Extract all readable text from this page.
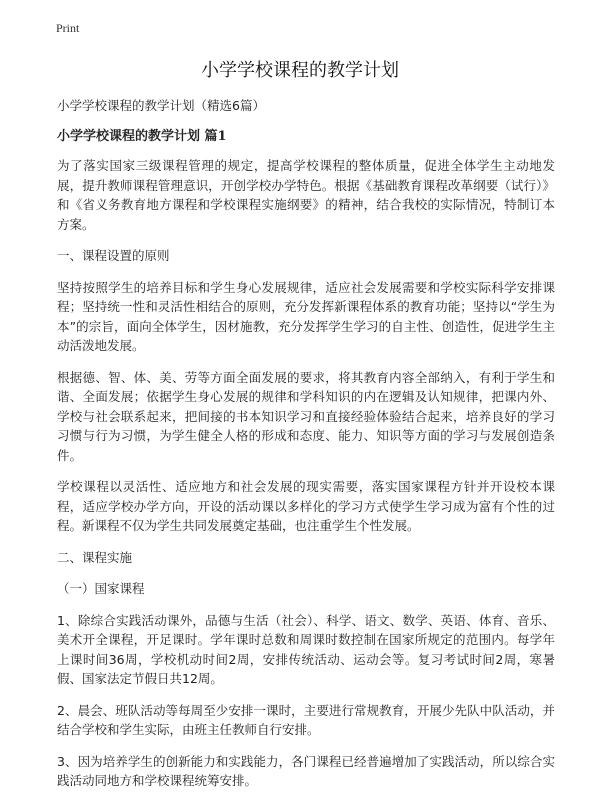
Print
小学学校课程的教学计划

小学学校课程的教学计划（精选6篇）

小学学校课程的教学计划 篇1

为了落实国家三级课程管理的规定，提高学校课程的整体质量，促进全体学生主动地发展，提升教师课程管理意识，开创学校办学特色。根据《基础教育课程改革纲要（试行）》和《省义务教育地方课程和学校课程实施纲要》的精神，结合我校的实际情况，特制订本方案。

一、课程设置的原则

坚持按照学生的培养目标和学生身心发展规律，适应社会发展需要和学校实际科学安排课程；坚持统一性和灵活性相结合的原则，充分发挥新课程体系的教育功能；坚持以“学生为本”的宗旨，面向全体学生，因材施教，充分发挥学生学习的自主性、创造性，促进学生主动活泼地发展。

根据德、智、体、美、劳等方面全面发展的要求，将其教育内容全部纳入，有利于学生和谐、全面发展；依据学生身心发展的规律和学科知识的内在逻辑及认知规律，把课内外、学校与社会联系起来，把间接的书本知识学习和直接经验体验结合起来，培养良好的学习习惯与行为习惯，为学生健全人格的形成和态度、能力、知识等方面的学习与发展创造条件。

学校课程以灵活性、适应地方和社会发展的现实需要，落实国家课程方针并开设校本课程，适应学校办学方向，开设的活动课以多样化的学习方式使学生学习成为富有个性的过程。新课程不仅为学生共同发展奠定基础，也注重学生个性发展。

二、课程实施

（一）国家课程

1、除综合实践活动课外，品德与生活（社会）、科学、语文、数学、英语、体育、音乐、美术开全课程，开足课时。学年课时总数和周课时数控制在国家所规定的范围内。每学年上课时间36周，学校机动时间2周，安排传统活动、运动会等。复习考试时间2周，寒暑假、国家法定节假日共12周。

2、晨会、班队活动等每周至少安排一课时，主要进行常规教育，开展少先队中队活动，并结合学校和学生实际，由班主任教师自行安排。

3、因为培养学生的创新能力和实践能力，各门课程已经普遍增加了实践活动，所以综合实践活动同地方和学校课程统筹安排。
